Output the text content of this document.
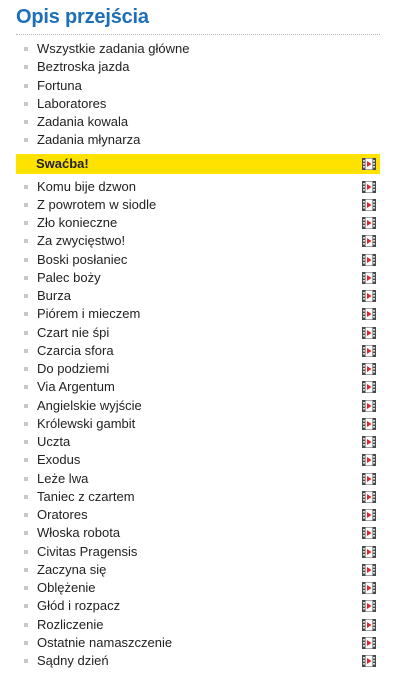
Opis przejścia
Wszystkie zadania główne
Beztroska jazda
Fortuna
Laboratores
Zadania kowala
Zadania młynarza
Swaćba!
Komu bije dzwon
Z powrotem w siodle
Zło konieczne
Za zwycięstwo!
Boski posłaniec
Palec boży
Burza
Piórem i mieczem
Czart nie śpi
Czarcia sfora
Do podziemi
Via Argentum
Angielskie wyjście
Królewski gambit
Uczta
Exodus
Leże lwa
Taniec z czartem
Oratores
Włoska robota
Civitas Pragensis
Zaczyna się
Oblężenie
Głód i rozpacz
Rozliczenie
Ostatnie namaszczenie
Sądny dzień
